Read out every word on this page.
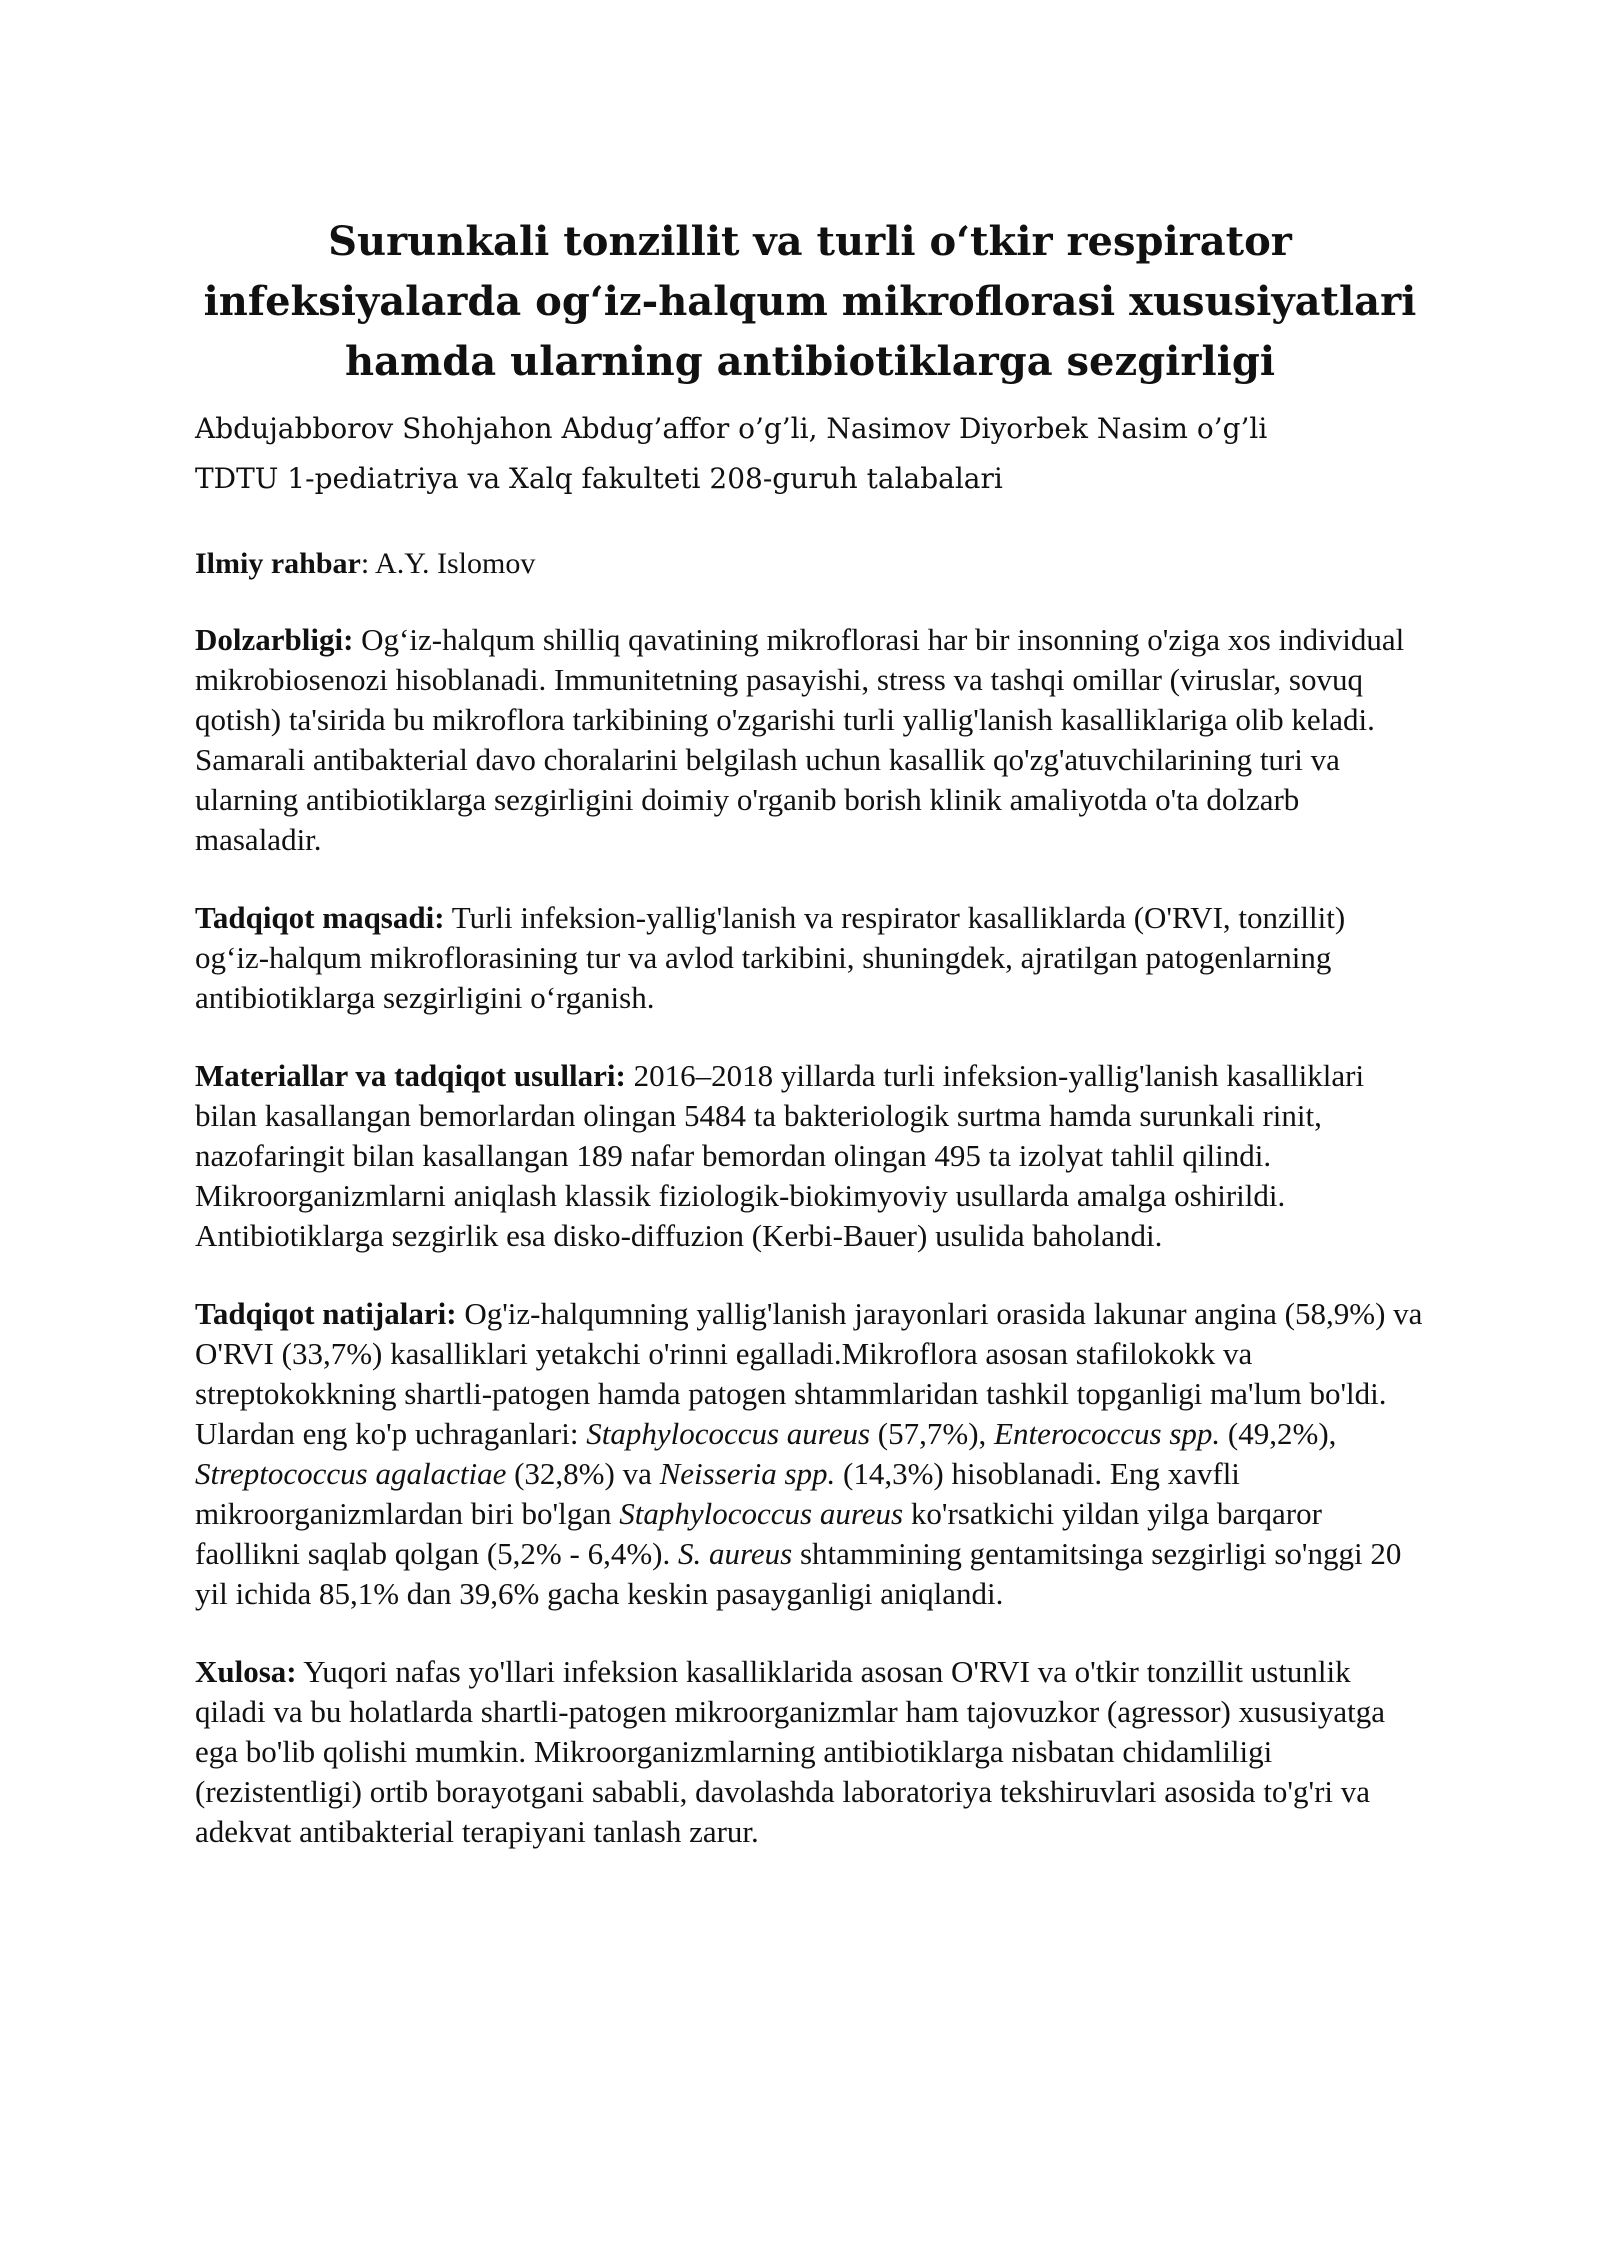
Surunkali tonzillit va turli o‘tkir respirator
infeksiyalarda og‘iz-halqum mikroflorasi xususiyatlari
hamda ularning antibiotiklarga sezgirligi

Abdujabborov Shohjahon Abdug’affor o’g’li, Nasimov Diyorbek Nasim o’g’li

TDTU 1-pediatriya va Xalq fakulteti 208-guruh talabalari

Ilmiy rahbar: A.Y. Islomov

Dolzarbligi: Og‘iz-halqum shilliq qavatining mikroflorasi har bir insonning o'ziga xos individual mikrobiosenozi hisoblanadi. Immunitetning pasayishi, stress va tashqi omillar (viruslar, sovuq qotish) ta'sirida bu mikroflora tarkibining o'zgarishi turli yallig'lanish kasalliklariga olib keladi. Samarali antibakterial davo choralarini belgilash uchun kasallik qo'zg'atuvchilarining turi va ularning antibiotiklarga sezgirligini doimiy o'rganib borish klinik amaliyotda o'ta dolzarb masaladir.

Tadqiqot maqsadi: Turli infeksion-yallig'lanish va respirator kasalliklarda (O'RVI, tonzillit) og‘iz-halqum mikroflorasining tur va avlod tarkibini, shuningdek, ajratilgan patogenlarning antibiotiklarga sezgirligini o‘rganish.

Materiallar va tadqiqot usullari: 2016–2018 yillarda turli infeksion-yallig'lanish kasalliklari bilan kasallangan bemorlardan olingan 5484 ta bakteriologik surtma hamda surunkali rinit, nazofaringit bilan kasallangan 189 nafar bemordan olingan 495 ta izolyat tahlil qilindi. Mikroorganizmlarni aniqlash klassik fiziologik-biokimyoviy usullarda amalga oshirildi. Antibiotiklarga sezgirlik esa disko-diffuzion (Kerbi-Bauer) usulida baholandi.

Tadqiqot natijalari: Og'iz-halqumning yallig'lanish jarayonlari orasida lakunar angina (58,9%) va O'RVI (33,7%) kasalliklari yetakchi o'rinni egalladi.Mikroflora asosan stafilokokk va streptokokkning shartli-patogen hamda patogen shtammlaridan tashkil topganligi ma'lum bo'ldi. Ulardan eng ko'p uchraganlari: Staphylococcus aureus (57,7%), Enterococcus spp. (49,2%), Streptococcus agalactiae (32,8%) va Neisseria spp. (14,3%) hisoblanadi. Eng xavfli mikroorganizmlardan biri bo'lgan Staphylococcus aureus ko'rsatkichi yildan yilga barqaror faollikni saqlab qolgan (5,2% - 6,4%). S. aureus shtammining gentamitsinga sezgirligi so'nggi 20 yil ichida 85,1% dan 39,6% gacha keskin pasayganligi aniqlandi.

Xulosa: Yuqori nafas yo'llari infeksion kasalliklarida asosan O'RVI va o'tkir tonzillit ustunlik qiladi va bu holatlarda shartli-patogen mikroorganizmlar ham tajovuzkor (agressor) xususiyatga ega bo'lib qolishi mumkin. Mikroorganizmlarning antibiotiklarga nisbatan chidamliligi (rezistentligi) ortib borayotgani sababli, davolashda laboratoriya tekshiruvlari asosida to'g'ri va adekvat antibakterial terapiyani tanlash zarur.
